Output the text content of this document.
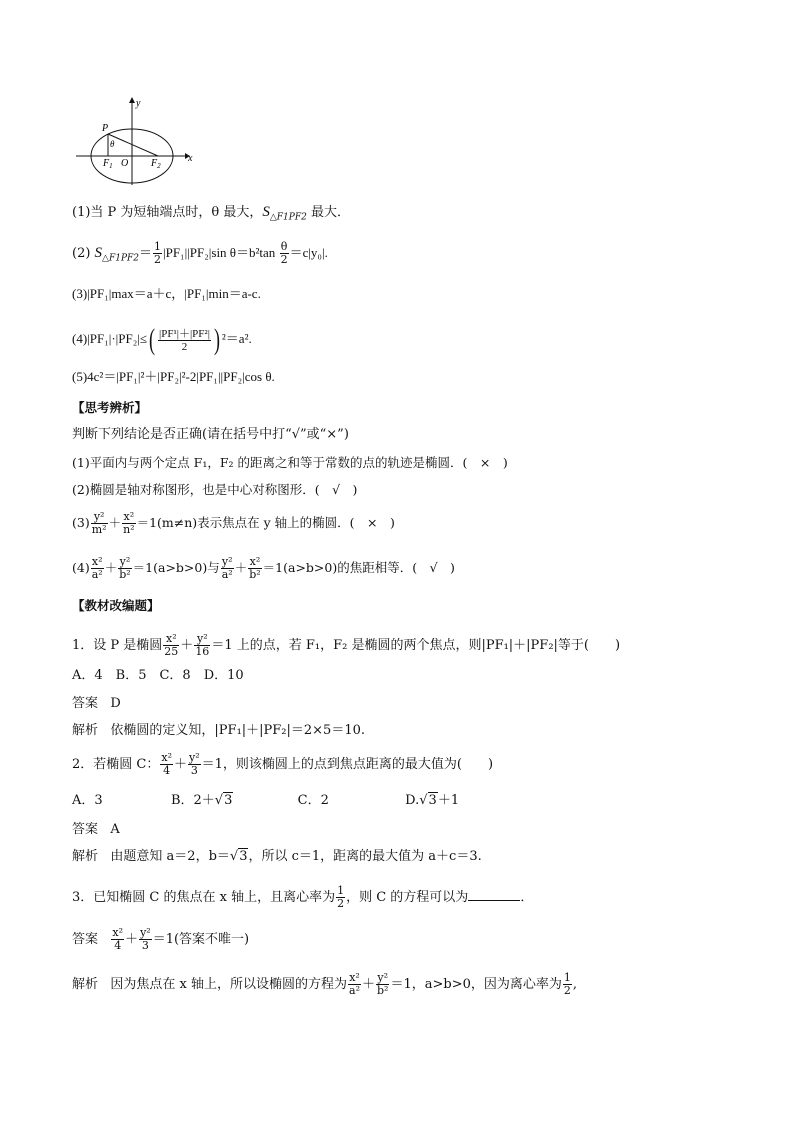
y
x
P
θ
$F_1$ O $F_2$
(1)当 P 为短轴端点时，θ 最大，$S_{\triangle F1PF2}$ 最大．
(2) $S_{\triangle F1PF2}= \frac{1}{2} |PF_1||PF_2|\sin$ $\theta=b^2\tan \frac{\theta}{2} =c|y_0|$.
(3)|PF₁|max＝a＋c，|PF₁|min＝a-c.
$(4)|PF_1|\cdot|PF_2|\le( \frac{\text{|PF¹|＋|PF²|}}{2}$ ) ²＝a².
(5)4c²＝|PF₁|²＋|PF₂|²-2|PF₁||PF₂|cos θ.
【思考辨析】
判断下列结论是否正确(请在括号中打“√”或“×”)
(1)平面内与两个定点 F₁，F₂ 的距离之和等于常数的点的轨迹是椭圆．(　×　)
(2)椭圆是轴对称图形，也是中心对称图形．(　√　)
$(3) \frac{\text{y²}}{\text{m²}} + \frac{\text{x²}}{\text{n²}} =1(m\ne n)$表示焦点在 y 轴上的椭圆．(　×　)
$(4) \frac{\text{x²}}{\text{a²}} + \frac{\text{y²}}{\text{b²}} =1(a>b>0)$与 $\frac{\text{y²}}{\text{a²}} + \frac{\text{x²}}{\text{b²}} =1(a>b>0)$的焦距相等．(　√　)
【教材改编题】
1．设 P 是椭圆 $\frac{\text{x²}}{25} + \frac{\text{y²}}{16} =1$ 上的点，若 F₁，F₂ 是椭圆的两个焦点，则|PF₁|＋|PF₂|等于(　　)
A．4　B．5　C．8　D．10
答案 D
解析 依椭圆的定义知，|PF₁|＋|PF₂|＝2×5＝10.
2．若椭圆 C： $\frac{\text{x²}}{4} + \frac{\text{y²}}{3} =1$，则该椭圆上的点到焦点距离的最大值为(　　)
A．3	B．2＋√3	C．2	D.√3＋1
答案 A
解析 由题意知 a＝2，b＝√3，所以 c＝1，距离的最大值为 a＋c＝3.
3．已知椭圆 C 的焦点在 x 轴上，且离心率为 $\frac{1}{2}$ ，则 C 的方程可以为	．
答案 $\frac{\text{x²}}{4} + \frac{\text{y²}}{3} =1$(答案不唯一)
解析 因为焦点在 x 轴上，所以设椭圆的方程为 $\frac{\text{x²}}{\text{a²}} + \frac{\text{y²}}{\text{b²}} =1$，a>b>0，因为离心率为 $\frac{1}{2}$ ,
